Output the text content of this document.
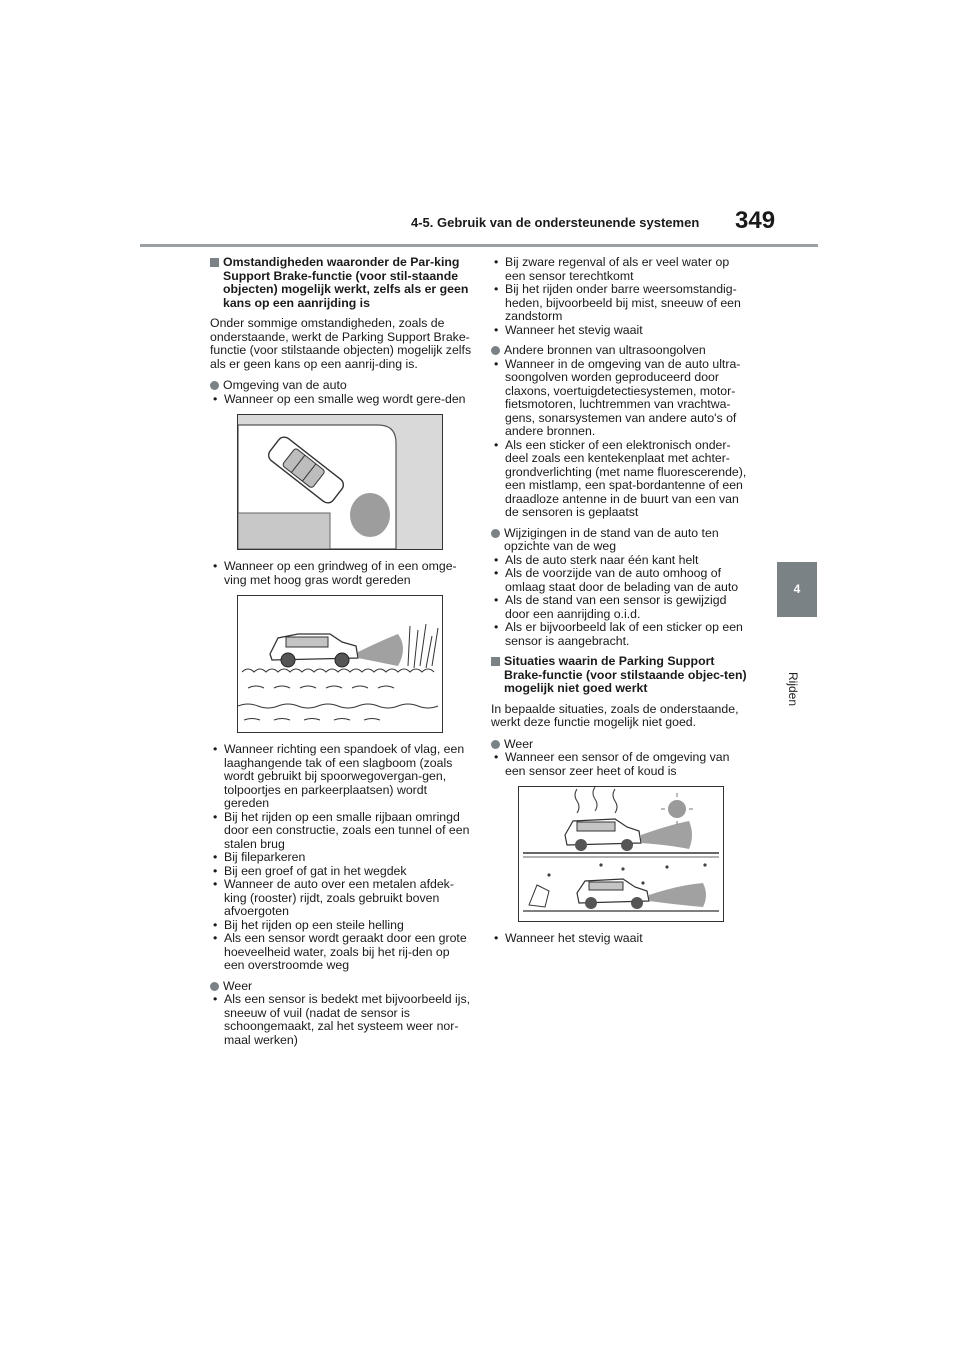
4-5. Gebruik van de ondersteunende systemen 349
4
Rijden
Omstandigheden waaronder de Par-king Support Brake-functie (voor stil-staande objecten) mogelijk werkt, zelfs als er geen kans op een aanrijding is

Onder sommige omstandigheden, zoals de onderstaande, werkt de Parking Support Brake-functie (voor stilstaande objecten) mogelijk zelfs als er geen kans op een aanrij-ding is.

Omgeving van de auto
• Wanneer op een smalle weg wordt gere-den
• Wanneer op een grindweg of in een omge-ving met hoog gras wordt gereden
• Wanneer richting een spandoek of vlag, een laaghangende tak of een slagboom (zoals wordt gebruikt bij spoorwegovergan-gen, tolpoortjes en parkeerplaatsen) wordt gereden
• Bij het rijden op een smalle rijbaan omringd door een constructie, zoals een tunnel of een stalen brug
• Bij fileparkeren
• Bij een groef of gat in het wegdek
• Wanneer de auto over een metalen afdek-king (rooster) rijdt, zoals gebruikt boven afvoergoten
• Bij het rijden op een steile helling
• Als een sensor wordt geraakt door een grote hoeveelheid water, zoals bij het rij-den op een overstroomde weg
Weer
• Als een sensor is bedekt met bijvoorbeeld ijs, sneeuw of vuil (nadat de sensor is schoongemaakt, zal het systeem weer nor-maal werken)
• Bij zware regenval of als er veel water op een sensor terechtkomt
• Bij het rijden onder barre weersomstandig-heden, bijvoorbeeld bij mist, sneeuw of een zandstorm
• Wanneer het stevig waait
Andere bronnen van ultrasoongolven
• Wanneer in de omgeving van de auto ultra-soongolven worden geproduceerd door claxons, voertuigdetectiesystemen, motor-fietsmotoren, luchtremmen van vrachtwa-gens, sonarsystemen van andere auto's of andere bronnen.
• Als een sticker of een elektronisch onder-deel zoals een kentekenplaat met achter-grondverlichting (met name fluorescerende), een mistlamp, een spat-bordantenne of een draadloze antenne in de buurt van een van de sensoren is geplaatst
Wijzigingen in de stand van de auto ten opzichte van de weg
• Als de auto sterk naar één kant helt
• Als de voorzijde van de auto omhoog of omlaag staat door de belading van de auto
• Als de stand van een sensor is gewijzigd door een aanrijding o.i.d.
• Als er bijvoorbeeld lak of een sticker op een sensor is aangebracht.
Situaties waarin de Parking Support Brake-functie (voor stilstaande objec-ten) mogelijk niet goed werkt

In bepaalde situaties, zoals de onderstaande, werkt deze functie mogelijk niet goed.

Weer
• Wanneer een sensor of de omgeving van een sensor zeer heet of koud is
• Wanneer het stevig waait
